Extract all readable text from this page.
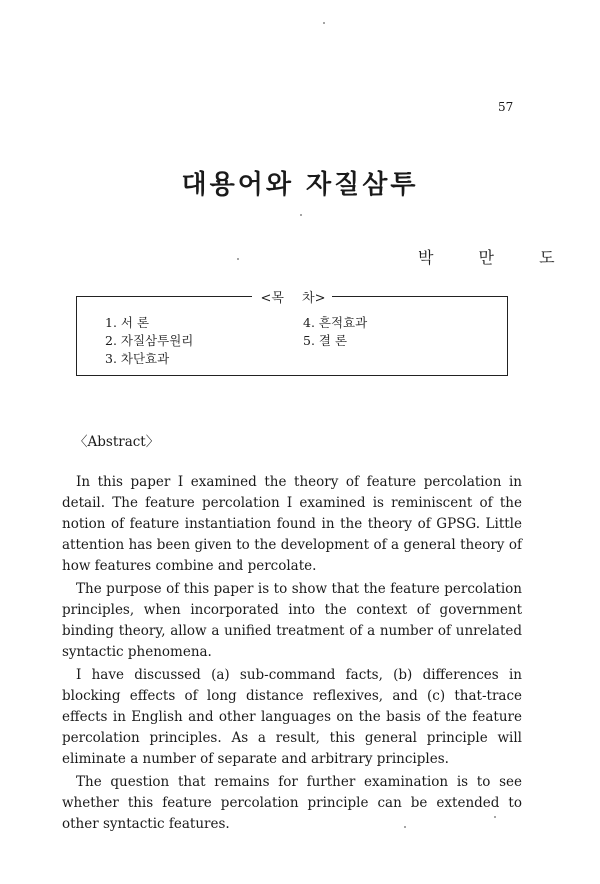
57
대용어와 자질삼투
박 만 도
<목 차>
1. 서 론
2. 자질삼투원리
3. 차단효과
4. 흔적효과
5. 결 론
〈Abstract〉

In this paper I examined the theory of feature percolation in detail. The feature percolation I examined is reminiscent of the notion of feature instantiation found in the theory of GPSG. Little attention has been given to the development of a general theory of how features combine and percolate.

The purpose of this paper is to show that the feature percolation principles, when incorporated into the context of government binding theory, allow a unified treatment of a number of unrelated syntactic phenomena.

I have discussed (a) sub-command facts, (b) differences in blocking effects of long distance reflexives, and (c) that-trace effects in English and other languages on the basis of the feature percolation principles. As a result, this general principle will eliminate a number of separate and arbitrary principles.

The question that remains for further examination is to see whether this feature percolation principle can be extended to other syntactic features.
